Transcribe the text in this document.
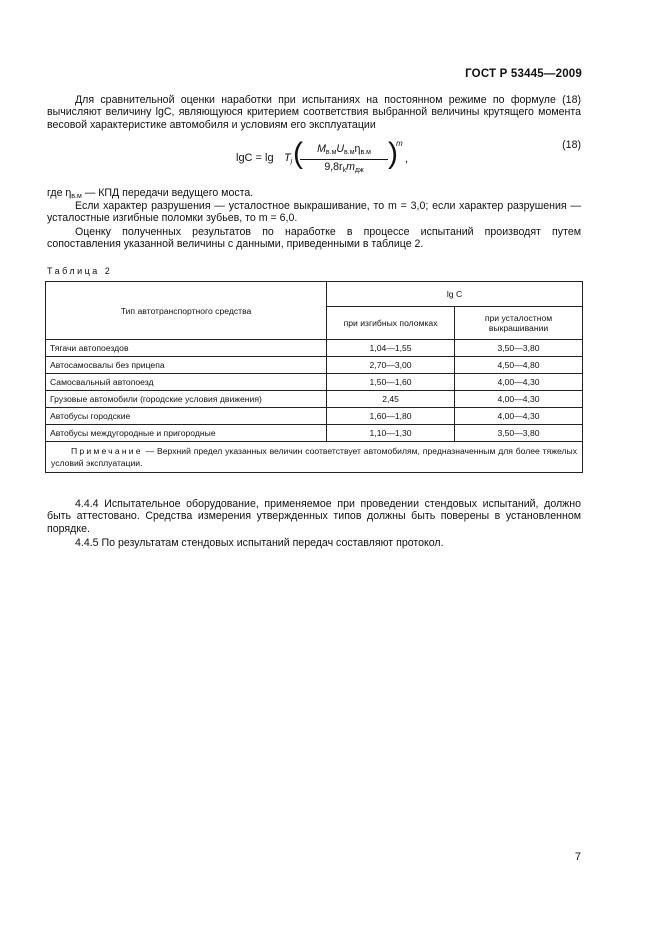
ГОСТ Р 53445—2009
Для сравнительной оценки наработки при испытаниях на постоянном режиме по формуле (18) вычисляют величину lgC, являющуюся критерием соответствия выбранной величины крутящего момента весовой характеристике автомобиля и условиям его эксплуатации
$\lg C = \lg T_j$ (	$M_{в.м}U_{в.м}\eta_{в.м}$
$9,8r_km_{дж}$
)
m
,
(18)
где $\eta_{в.м}$ — КПД передачи ведущего моста.
Если характер разрушения — усталостное выкрашивание, то m = 3,0; если характер разрушения — усталостные изгибные поломки зубьев, то m = 6,0.
Оценку полученных результатов по наработке в процессе испытаний производят путем сопоставления указанной величины с данными, приведенными в таблице 2.
Таблица 2
Тип автотранспортного средства	lg C	
	при изгибных поломках	при усталостном выкрашивании
Тягачи автопоездов	1,04—1,55	3,50—3,80
Автосамосвалы без прицепа	2,70—3,00	4,50—4,80
Самосвальный автопоезд	1,50—1,60	4,00—4,30
Грузовые автомобили (городские условия движения)	2,45	4,00—4,30
Автобусы городские	1,60—1,80	4,00—4,30
Автобусы междугородные и пригородные	1,10—1,30	3,50—3,80
Примечание — Верхний предел указанных величин соответствует автомобилям, предназначенным для более тяжелых условий эксплуатации.		
4.4.4 Испытательное оборудование, применяемое при проведении стендовых испытаний, должно быть аттестовано. Средства измерения утвержденных типов должны быть поверены в установленном порядке.
4.4.5 По результатам стендовых испытаний передач составляют протокол.
7
